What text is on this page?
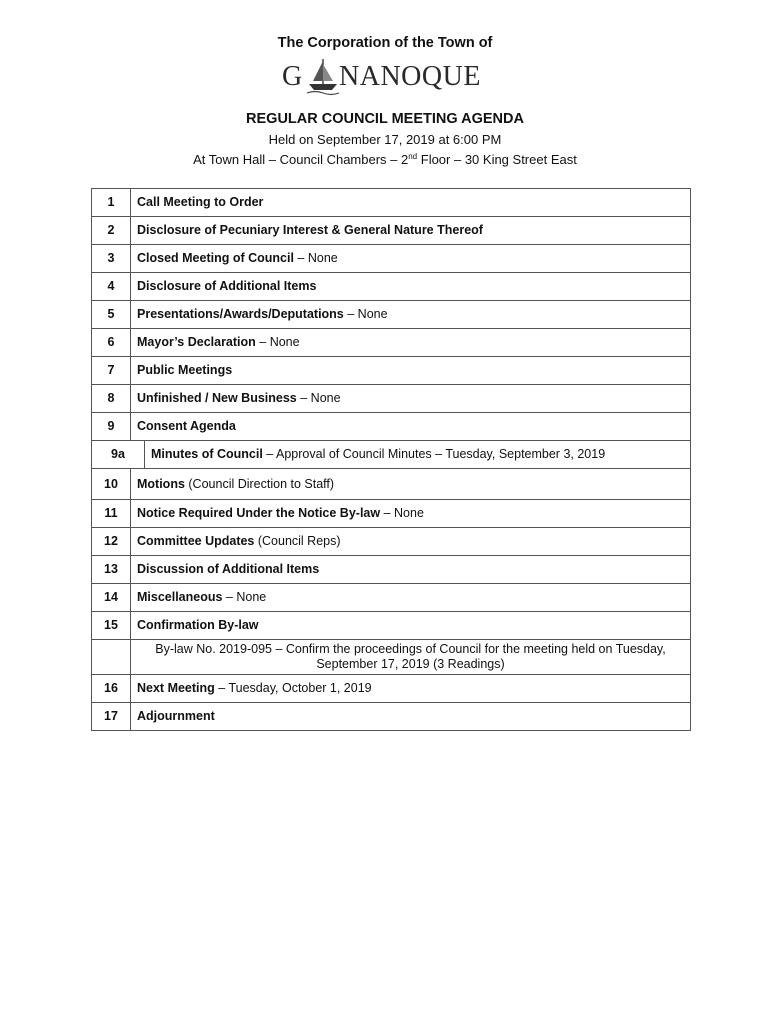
The Corporation of the Town of
G NANOQUE
REGULAR COUNCIL MEETING AGENDA
Held on September 17, 2019 at 6:00 PM
At Town Hall – Council Chambers – 2nd Floor – 30 King Street East
1	Call Meeting to Order
2	Disclosure of Pecuniary Interest & General Nature Thereof
3	Closed Meeting of Council – None
4	Disclosure of Additional Items
5	Presentations/Awards/Deputations – None
6	Mayor’s Declaration – None
7	Public Meetings
8	Unfinished / New Business – None
9	Consent Agenda
9a Minutes of Council – Approval of Council Minutes – Tuesday, September 3, 2019	
10	Motions (Council Direction to Staff)
11	Notice Required Under the Notice By-law – None
12	Committee Updates (Council Reps)
13	Discussion of Additional Items
14	Miscellaneous – None
15	Confirmation By-law

	By-law No. 2019-095 – Confirm the proceedings of Council for the meeting held on Tuesday, September 17, 2019 (3 Readings)

16	Next Meeting – Tuesday, October 1, 2019
17	Adjournment
